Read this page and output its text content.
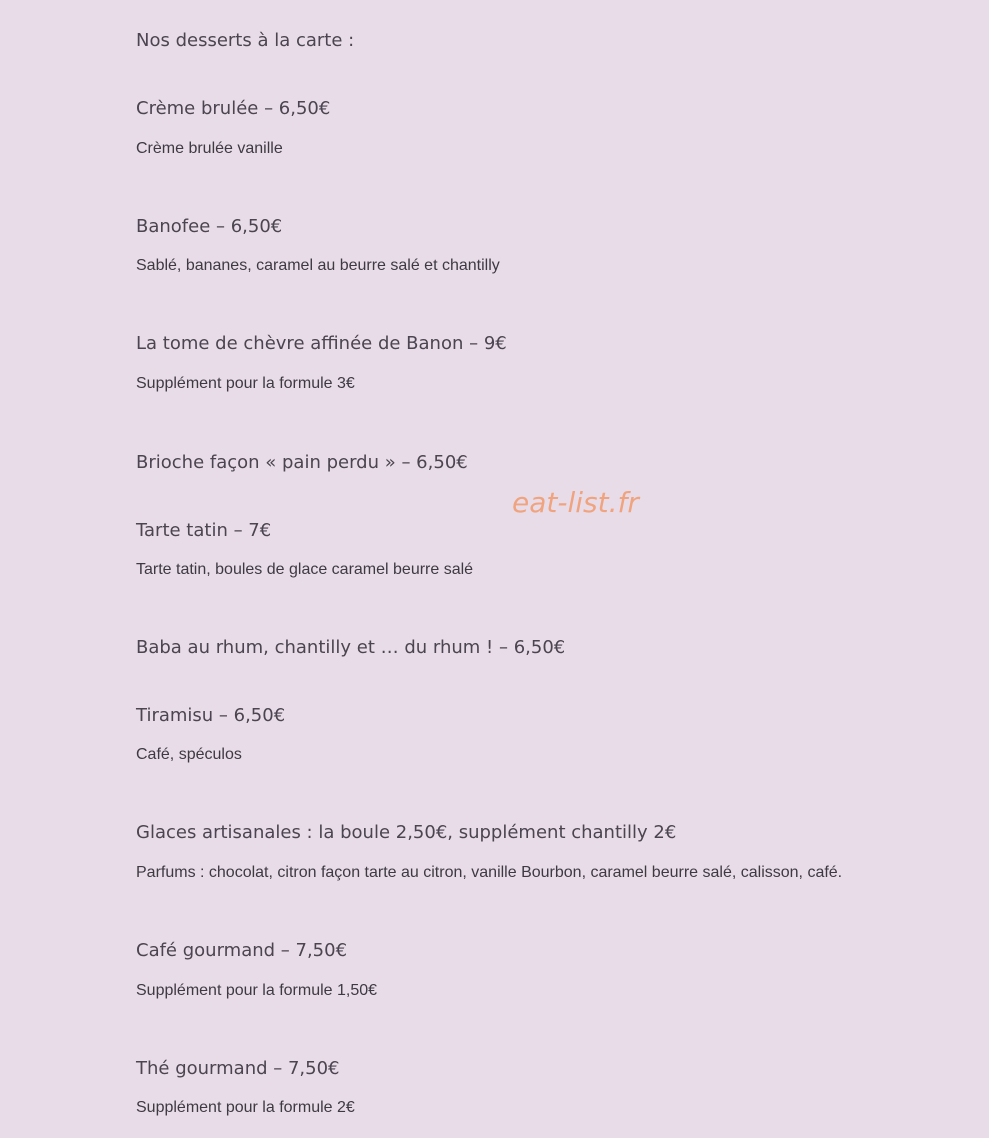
Nos desserts à la carte :
Crème brulée – 6,50€
Crème brulée vanille
Banofee – 6,50€
Sablé, bananes, caramel au beurre salé et chantilly
La tome de chèvre affinée de Banon – 9€
Supplément pour la formule 3€
Brioche façon « pain perdu » – 6,50€
Tarte tatin – 7€
Tarte tatin, boules de glace caramel beurre salé
Baba au rhum, chantilly et … du rhum ! – 6,50€
Tiramisu – 6,50€
Café, spéculos
Glaces artisanales : la boule 2,50€, supplément chantilly 2€
Parfums : chocolat, citron façon tarte au citron, vanille Bourbon, caramel beurre salé, calisson, café.
Café gourmand – 7,50€
Supplément pour la formule 1,50€
Thé gourmand – 7,50€
Supplément pour la formule 2€
eat-list.fr
